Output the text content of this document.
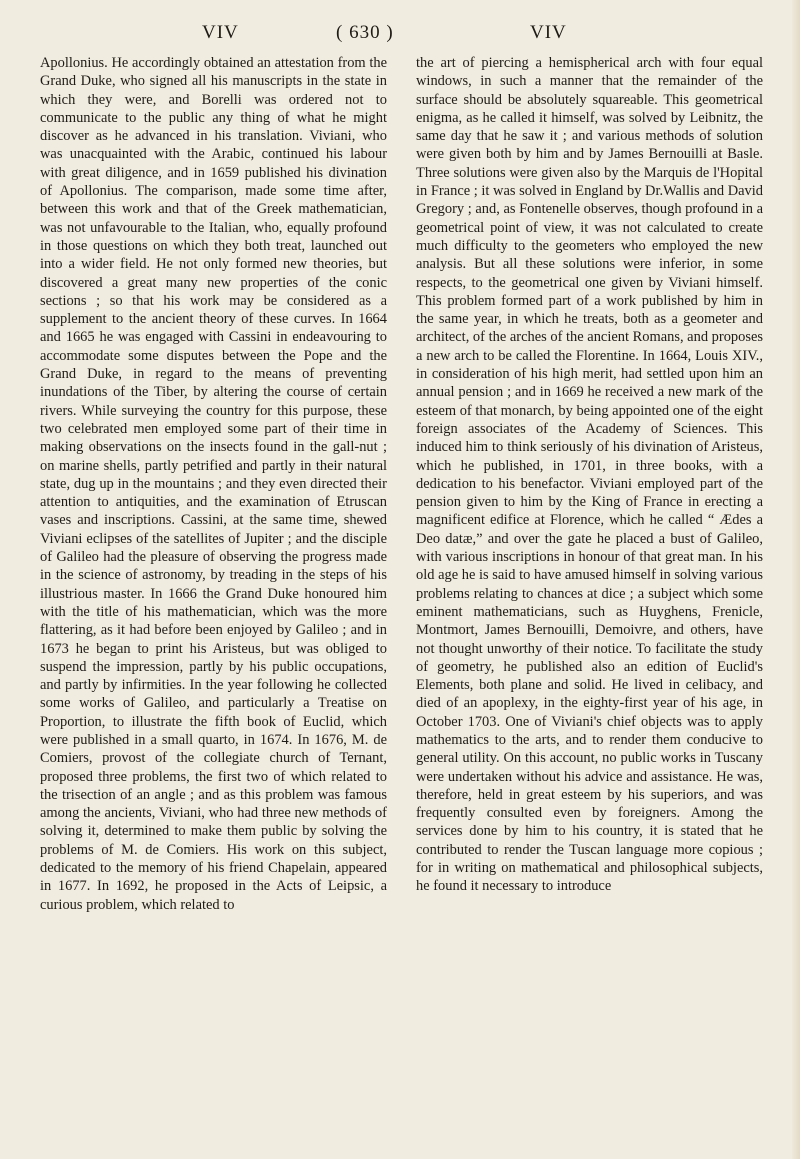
VIV	( 630 )	VIV

Apollonius. He accordingly obtained an attestation from the Grand Duke, who signed all his manuscripts in the state in which they were, and Borelli was ordered not to communicate to the public any thing of what he might discover as he advanced in his translation. Viviani, who was unacquainted with the Arabic, continued his labour with great diligence, and in 1659 published his divination of Apollonius. The comparison, made some time after, between this work and that of the Greek mathematician, was not unfavourable to the Italian, who, equally profound in those questions on which they both treat, launched out into a wider field. He not only formed new theories, but discovered a great many new properties of the conic sections ; so that his work may be considered as a supplement to the ancient theory of these curves. In 1664 and 1665 he was engaged with Cassini in endeavouring to accommodate some disputes between the Pope and the Grand Duke, in regard to the means of preventing inundations of the Tiber, by altering the course of certain rivers. While surveying the country for this purpose, these two celebrated men employed some part of their time in making observations on the insects found in the gall-nut ; on marine shells, partly petrified and partly in their natural state, dug up in the mountains ; and they even directed their attention to antiquities, and the examination of Etruscan vases and inscriptions. Cassini, at the same time, shewed Viviani eclipses of the satellites of Jupiter ; and the disciple of Galileo had the pleasure of observing the progress made in the science of astronomy, by treading in the steps of his illustrious master. In 1666 the Grand Duke honoured him with the title of his mathematician, which was the more flattering, as it had before been enjoyed by Galileo ; and in 1673 he began to print his Aristeus, but was obliged to suspend the impression, partly by his public occupations, and partly by infirmities. In the year following he collected some works of Galileo, and particularly a Treatise on Proportion, to illustrate the fifth book of Euclid, which were published in a small quarto, in 1674. In 1676, M. de Comiers, provost of the collegiate church of Ternant, proposed three problems, the first two of which related to the trisection of an angle ; and as this problem was famous among the ancients, Viviani, who had three new methods of solving it, determined to make them public by solving the problems of M. de Comiers. His work on this subject, dedicated to the memory of his friend Chapelain, appeared in 1677. In 1692, he proposed in the Acts of Leipsic, a curious problem, which related to

the art of piercing a hemispherical arch with four equal windows, in such a manner that the remainder of the surface should be absolutely squareable. This geometrical enigma, as he called it himself, was solved by Leibnitz, the same day that he saw it ; and various methods of solution were given both by him and by James Bernouilli at Basle. Three solutions were given also by the Marquis de l'Hopital in France ; it was solved in England by Dr.Wallis and David Gregory ; and, as Fontenelle observes, though profound in a geometrical point of view, it was not calculated to create much difficulty to the geometers who employed the new analysis. But all these solutions were inferior, in some respects, to the geometrical one given by Viviani himself. This problem formed part of a work published by him in the same year, in which he treats, both as a geometer and architect, of the arches of the ancient Romans, and proposes a new arch to be called the Florentine. In 1664, Louis XIV., in consideration of his high merit, had settled upon him an annual pension ; and in 1669 he received a new mark of the esteem of that monarch, by being appointed one of the eight foreign associates of the Academy of Sciences. This induced him to think seriously of his divination of Aristeus, which he published, in 1701, in three books, with a dedication to his benefactor. Viviani employed part of the pension given to him by the King of France in erecting a magnificent edifice at Florence, which he called “ Ædes a Deo datæ,” and over the gate he placed a bust of Galileo, with various inscriptions in honour of that great man. In his old age he is said to have amused himself in solving various problems relating to chances at dice ; a subject which some eminent mathematicians, such as Huyghens, Frenicle, Montmort, James Bernouilli, Demoivre, and others, have not thought unworthy of their notice. To facilitate the study of geometry, he published also an edition of Euclid's Elements, both plane and solid. He lived in celibacy, and died of an apoplexy, in the eighty-first year of his age, in October 1703. One of Viviani's chief objects was to apply mathematics to the arts, and to render them conducive to general utility. On this account, no public works in Tuscany were undertaken without his advice and assistance. He was, therefore, held in great esteem by his superiors, and was frequently consulted even by foreigners. Among the services done by him to his country, it is stated that he contributed to render the Tuscan language more copious ; for in writing on mathematical and philosophical subjects, he found it necessary to introduce
